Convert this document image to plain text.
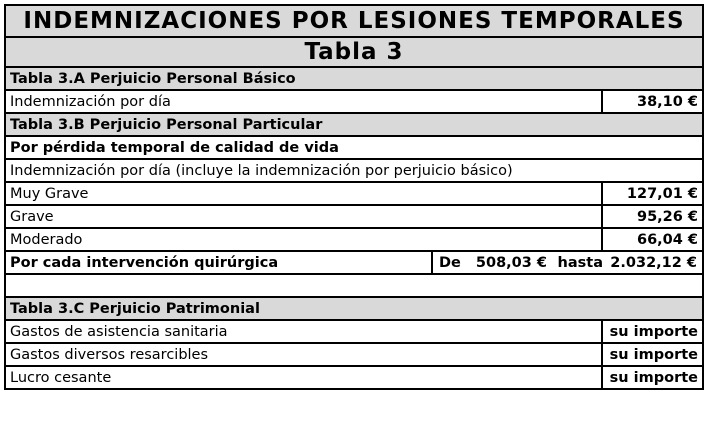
INDEMNIZACIONES POR LESIONES TEMPORALES		
Tabla 3		
Tabla 3.A Perjuicio Personal Básico		
Indemnización por día		38,10 €
Tabla 3.B Perjuicio Personal Particular		
Por pérdida temporal de calidad de vida		
Indemnización por día (incluye la indemnización por perjuicio básico)		
Muy Grave		127,01 €
Grave		95,26 €
Moderado		66,04 €
Por cada intervención quirúrgica	De 508,03 € hasta 2.032,12 €	

Tabla 3.C Perjuicio Patrimonial		
Gastos de asistencia sanitaria		su importe
Gastos diversos resarcibles		su importe
Lucro cesante		su importe
